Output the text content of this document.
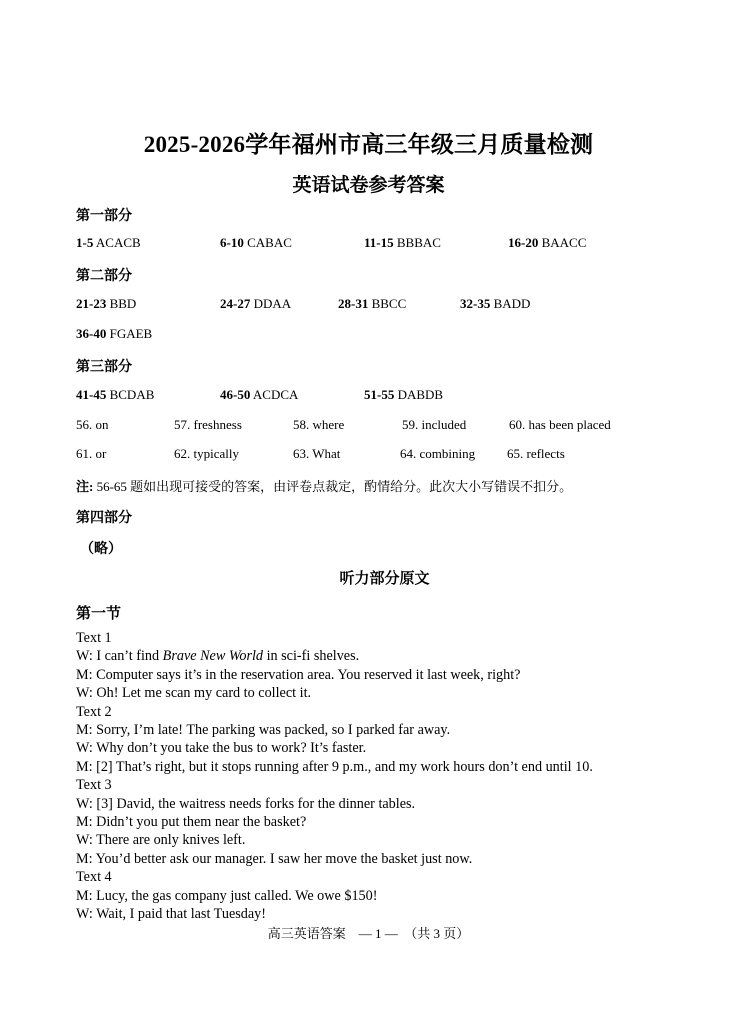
2025-2026学年福州市高三年级三月质量检测
英语试卷参考答案
第一部分
1-5 ACACB	6-10 CABAC	11-15 BBBAC	16-20 BAACC
第二部分
21-23 BBD	24-27 DDAA	28-31 BBCC	32-35 BADD
36-40 FGAEB
第三部分
41-45 BCDAB	46-50 ACDCA	51-55 DABDB
56. on	57. freshness	58. where	59. included	60. has been placed
61. or	62. typically	63. What	64. combining 65. reflects
注: 56-65 题如出现可接受的答案，由评卷点裁定，酌情给分。此次大小写错误不扣分。
第四部分
（略）
听力部分原文
第一节
Text 1
W: I can’t find Brave New World in sci-fi shelves.
M: Computer says it’s in the reservation area. You reserved it last week, right?
W: Oh! Let me scan my card to collect it.
Text 2
M: Sorry, I’m late! The parking was packed, so I parked far away.
W: Why don’t you take the bus to work? It’s faster.
M: [2] That’s right, but it stops running after 9 p.m., and my work hours don’t end until 10.
Text 3
W: [3] David, the waitress needs forks for the dinner tables.
M: Didn’t you put them near the basket?
W: There are only knives left.
M: You’d better ask our manager. I saw her move the basket just now.
Text 4
M: Lucy, the gas company just called. We owe $150!
W: Wait, I paid that last Tuesday!
高三英语答案　— 1 —　（共 3 页）
